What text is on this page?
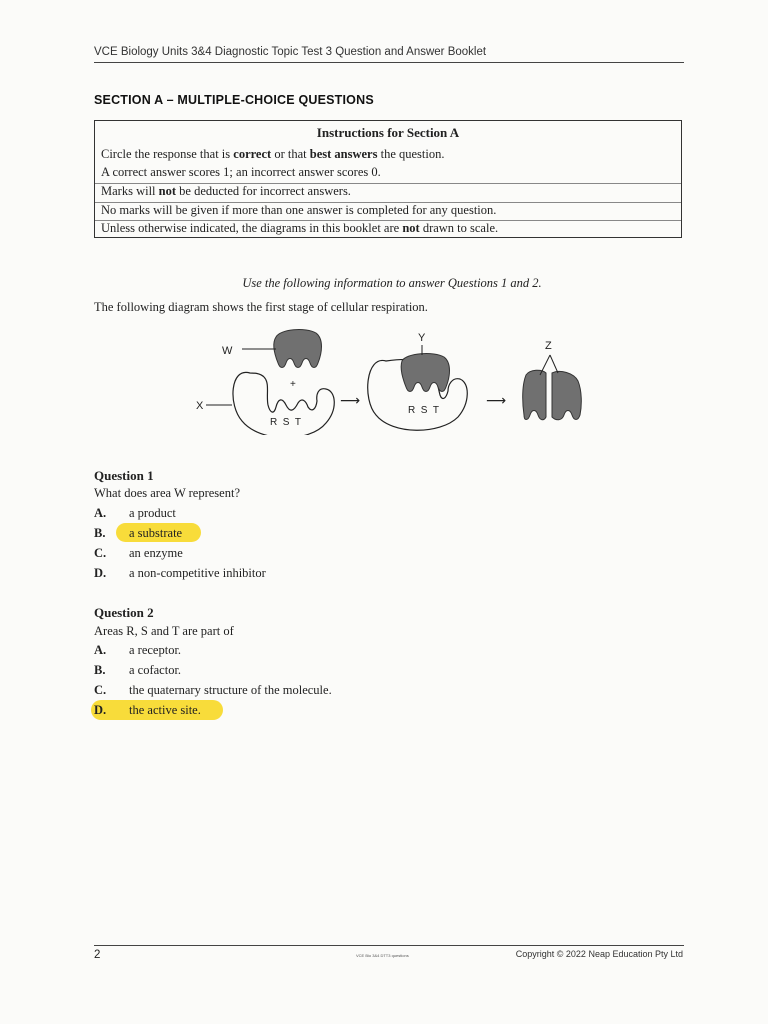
VCE Biology Units 3&4 Diagnostic Topic Test 3 Question and Answer Booklet
SECTION A – MULTIPLE-CHOICE QUESTIONS
Instructions for Section A
Circle the response that is correct or that best answers the question.
A correct answer scores 1; an incorrect answer scores 0.
Marks will not be deducted for incorrect answers.
No marks will be given if more than one answer is completed for any question.
Unless otherwise indicated, the diagrams in this booklet are not drawn to scale.
Use the following information to answer Questions 1 and 2.
The following diagram shows the first stage of cellular respiration.
W
+
X
R  S  T
⟶
Y
R  S  T
⟶
Z
Question 1
What does area W represent?
A. a product
B. a substrate
C. an enzyme
D. a non-competitive inhibitor
Question 2
Areas R, S and T are part of
A. a receptor.
B. a cofactor.
C. the quaternary structure of the molecule.
D. the active site.
2	VCE Bio 3&4 DTT3 questions	Copyright © 2022 Neap Education Pty Ltd
